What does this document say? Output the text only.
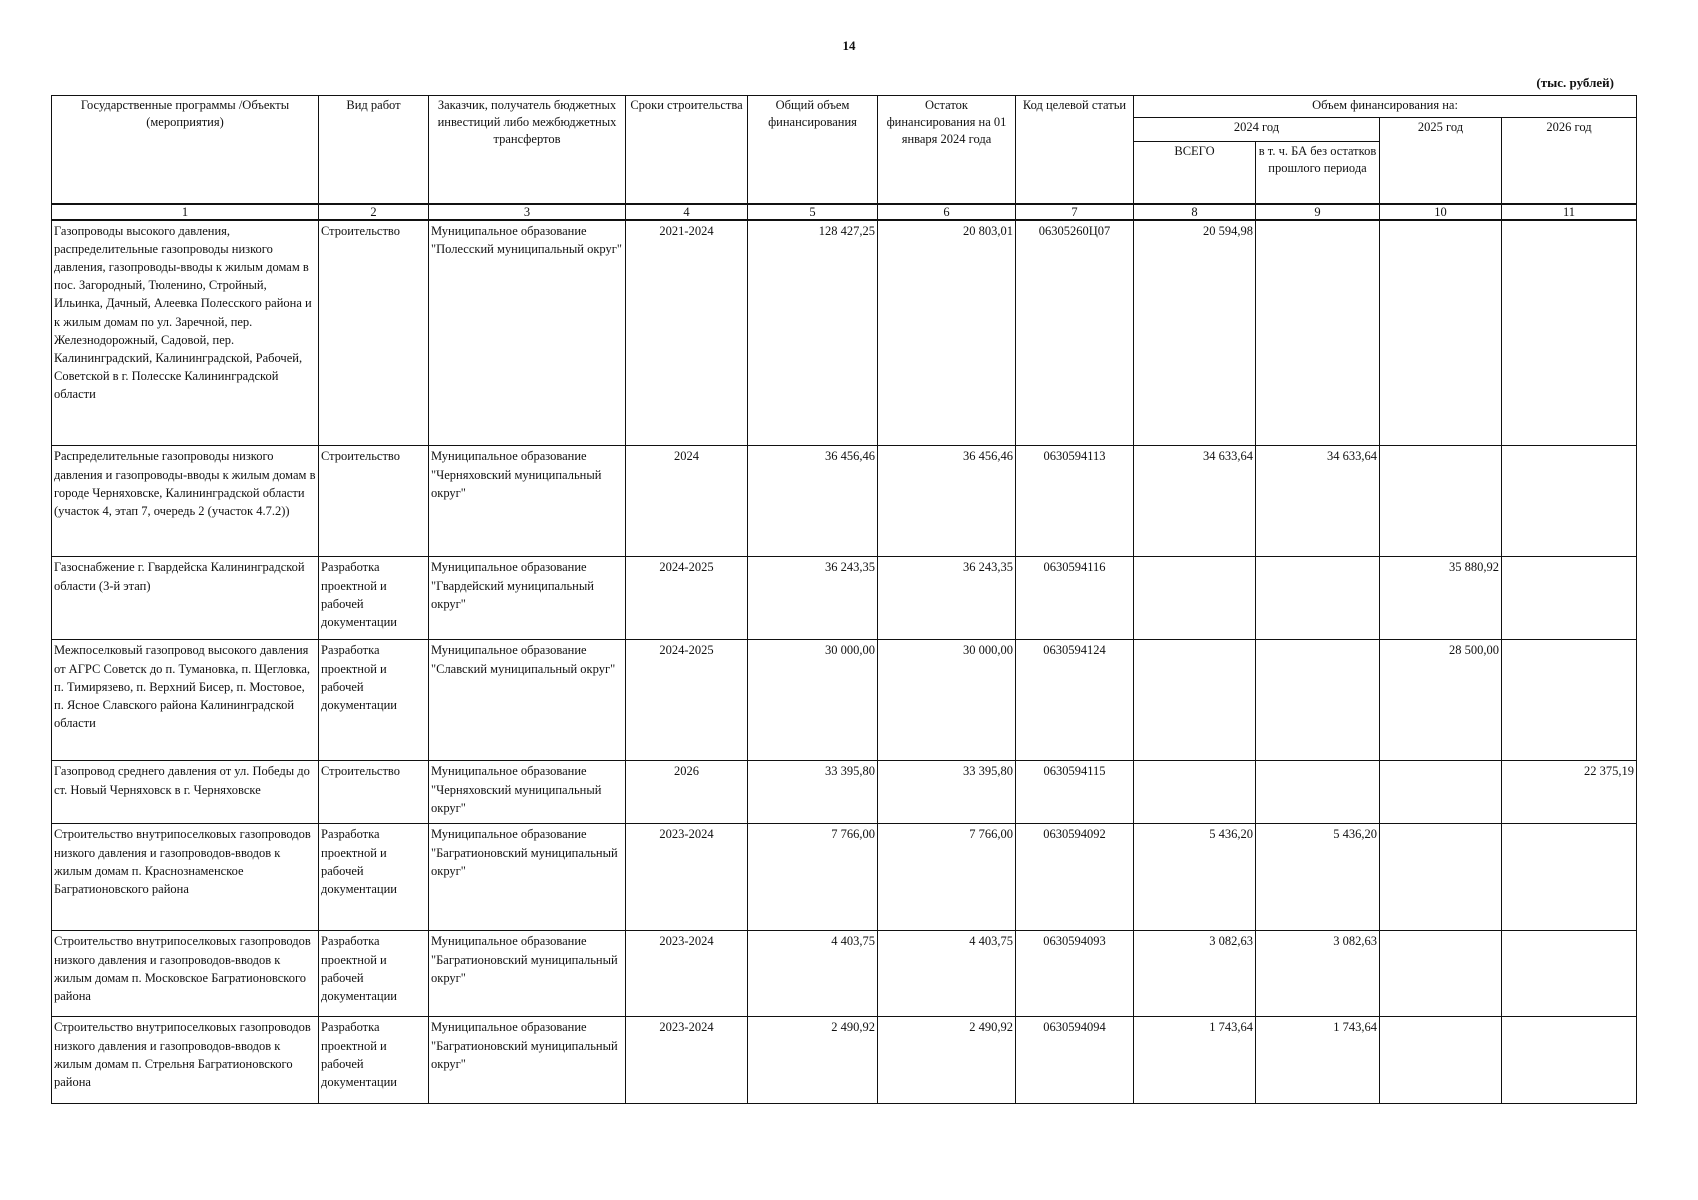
14
(тыс. рублей)
Государственные программы /Объекты (мероприятия)	Вид работ	Заказчик, получатель бюджетных инвестиций либо межбюджетных трансфертов	Сроки строительства	Общий объем финансирования	Остаток финансирования на 01 января 2024 года	Код целевой статьи	Объем финансирования на:			
							2024 год		2025 год	2026 год
							ВСЕГО	в т. ч. БА без остатков прошлого периода		
1	2	3	4	5	6	7	8	9	10	11
Газопроводы высокого давления, распределительные газопроводы низкого давления, газопроводы-вводы к жилым домам в пос. Загородный, Тюленино, Стройный, Ильинка, Дачный, Алеевка Полесского района и к жилым домам по ул. Заречной, пер. Железнодорожный, Садовой, пер. Калининградский, Калининградской, Рабочей, Советской в г. Полесске Калининградской области	Строительство	Муниципальное образование "Полесский муниципальный округ"	2021-2024	128 427,25	20 803,01	06305260Ц07	20 594,98			
Распределительные газопроводы низкого давления и газопроводы-вводы к жилым домам в городе Черняховске, Калининградской области (участок 4, этап 7, очередь 2 (участок 4.7.2))	Строительство	Муниципальное образование "Черняховский муниципальный округ"	2024	36 456,46	36 456,46	0630594113	34 633,64	34 633,64		
Газоснабжение г. Гвардейска Калининградской области (3-й этап)	Разработка проектной и рабочей документации	Муниципальное образование "Гвардейский муниципальный округ"	2024-2025	36 243,35	36 243,35	0630594116			35 880,92	
Межпоселковый газопровод высокого давления от АГРС Советск до п. Тумановка, п. Щегловка, п. Тимирязево, п. Верхний Бисер, п. Мостовое, п. Ясное Славского района Калининградской области	Разработка проектной и рабочей документации	Муниципальное образование "Славский муниципальный округ"	2024-2025	30 000,00	30 000,00	0630594124			28 500,00	
Газопровод среднего давления от ул. Победы до ст. Новый Черняховск в г. Черняховске	Строительство	Муниципальное образование "Черняховский муниципальный округ"	2026	33 395,80	33 395,80	0630594115				22 375,19
Строительство внутрипоселковых газопроводов низкого давления и газопроводов-вводов к жилым домам п. Краснознаменское Багратионовского района	Разработка проектной и рабочей документации	Муниципальное образование "Багратионовский муниципальный округ"	2023-2024	7 766,00	7 766,00	0630594092	5 436,20	5 436,20		
Строительство внутрипоселковых газопроводов низкого давления и газопроводов-вводов к жилым домам п. Московское Багратионовского района	Разработка проектной и рабочей документации	Муниципальное образование "Багратионовский муниципальный округ"	2023-2024	4 403,75	4 403,75	0630594093	3 082,63	3 082,63		
Строительство внутрипоселковых газопроводов низкого давления и газопроводов-вводов к жилым домам п. Стрельня Багратионовского района	Разработка проектной и рабочей документации	Муниципальное образование "Багратионовский муниципальный округ"	2023-2024	2 490,92	2 490,92	0630594094	1 743,64	1 743,64		
